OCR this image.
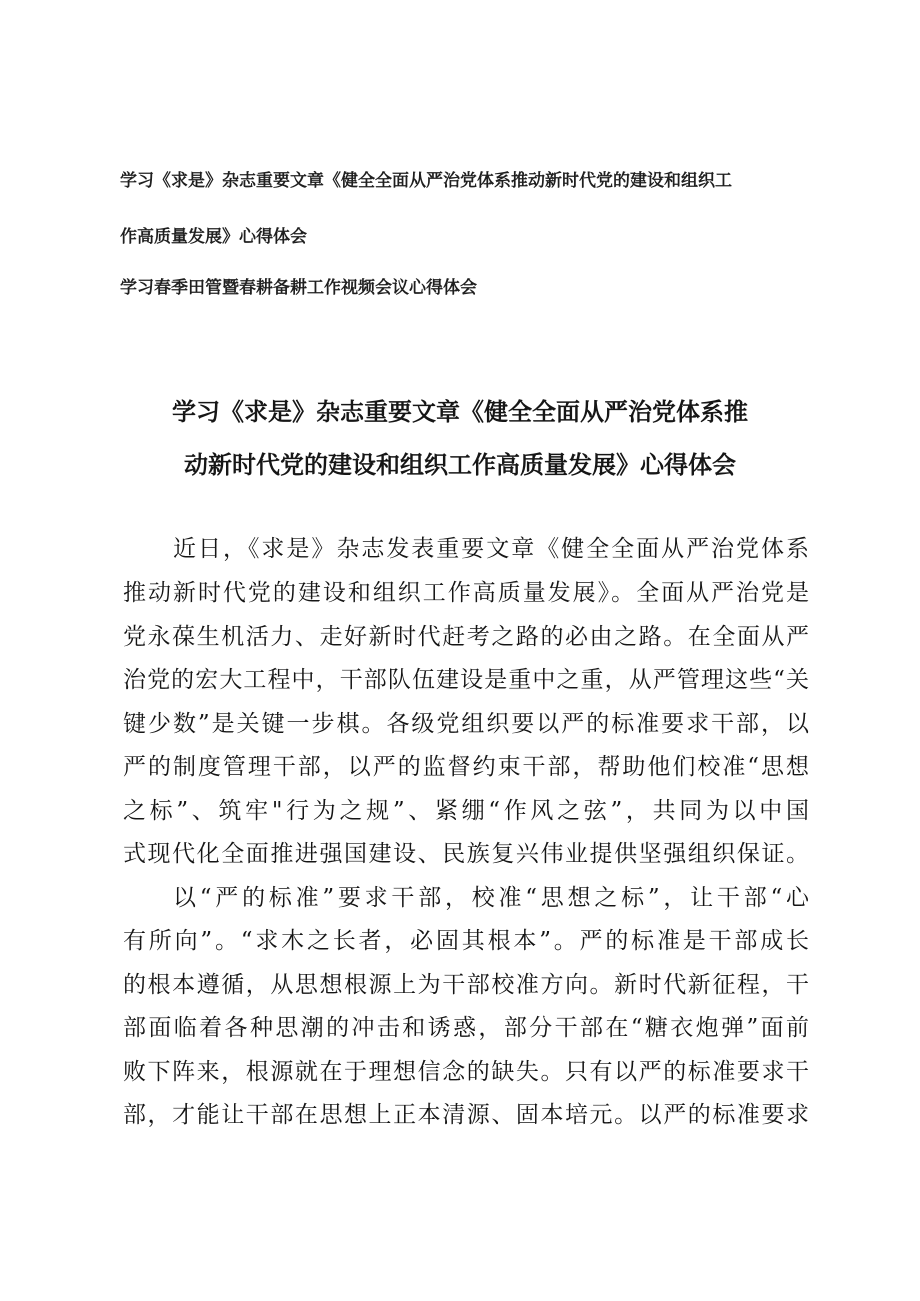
学习《求是》杂志重要文章《健全全面从严治党体系推动新时代党的建设和组织工
作高质量发展》心得体会
学习春季田管暨春耕备耕工作视频会议心得体会
学习《求是》杂志重要文章《健全全面从严治党体系推
动新时代党的建设和组织工作高质量发展》心得体会
近日，《求是》杂志发表重要文章《健全全面从严治党体系
推动新时代党的建设和组织工作高质量发展》。全面从严治党是
党永葆生机活力、走好新时代赶考之路的必由之路。在全面从严
治党的宏大工程中，干部队伍建设是重中之重，从严管理这些“关
键少数”是关键一步棋。各级党组织要以严的标准要求干部，以
严的制度管理干部，以严的监督约束干部，帮助他们校准“思想
之标”、筑牢"行为之规”、紧绷“作风之弦”，共同为以中国
式现代化全面推进强国建设、民族复兴伟业提供坚强组织保证。
以“严的标准”要求干部，校准“思想之标”，让干部“心
有所向”。“求木之长者，必固其根本”。严的标准是干部成长
的根本遵循，从思想根源上为干部校准方向。新时代新征程，干
部面临着各种思潮的冲击和诱惑，部分干部在“糖衣炮弹”面前
败下阵来，根源就在于理想信念的缺失。只有以严的标准要求干
部，才能让干部在思想上正本清源、固本培元。以严的标准要求
